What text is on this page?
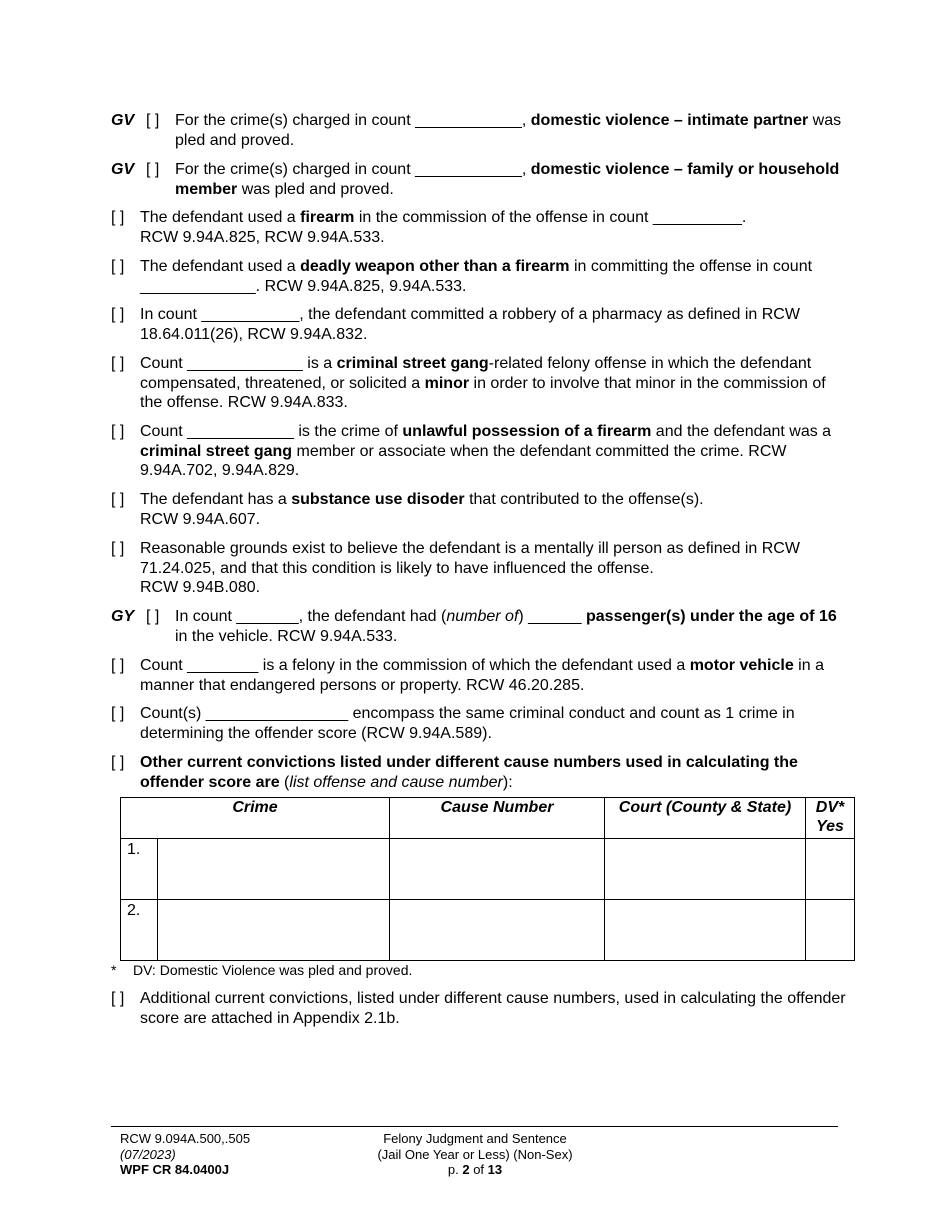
GV [ ] For the crime(s) charged in count ____________, domestic violence – intimate partner was pled and proved.
GV [ ] For the crime(s) charged in count ____________, domestic violence – family or household member was pled and proved.
[ ] The defendant used a firearm in the commission of the offense in count __________.
RCW 9.94A.825, RCW 9.94A.533.
[ ] The defendant used a deadly weapon other than a firearm in committing the offense in count _____________. RCW 9.94A.825, 9.94A.533.
[ ] In count ___________, the defendant committed a robbery of a pharmacy as defined in RCW 18.64.011(26), RCW 9.94A.832.
[ ] Count _____________ is a criminal street gang-related felony offense in which the defendant compensated, threatened, or solicited a minor in order to involve that minor in the commission of the offense. RCW 9.94A.833.
[ ] Count ____________ is the crime of unlawful possession of a firearm and the defendant was a criminal street gang member or associate when the defendant committed the crime. RCW 9.94A.702, 9.94A.829.
[ ] The defendant has a substance use disoder that contributed to the offense(s).
RCW 9.94A.607.
[ ] Reasonable grounds exist to believe the defendant is a mentally ill person as defined in RCW 71.24.025, and that this condition is likely to have influenced the offense.
RCW 9.94B.080.
GY [ ] In count _______, the defendant had (number of) ______ passenger(s) under the age of 16 in the vehicle. RCW 9.94A.533.
[ ] Count ________ is a felony in the commission of which the defendant used a motor vehicle in a manner that endangered persons or property. RCW 46.20.285.
[ ] Count(s) ________________ encompass the same criminal conduct and count as 1 crime in determining the offender score (RCW 9.94A.589).
[ ] Other current convictions listed under different cause numbers used in calculating the offender score are (list offense and cause number):
Crime		Cause Number	Court (County & State)	DV* Yes
1.				
2.				
* DV: Domestic Violence was pled and proved.
[ ] Additional current convictions, listed under different cause numbers, used in calculating the offender score are attached in Appendix 2.1b.
RCW 9.094A.500,.505
(07/2023)
WPF CR 84.0400J
Felony Judgment and Sentence
(Jail One Year or Less) (Non-Sex)
p. 2 of 13
